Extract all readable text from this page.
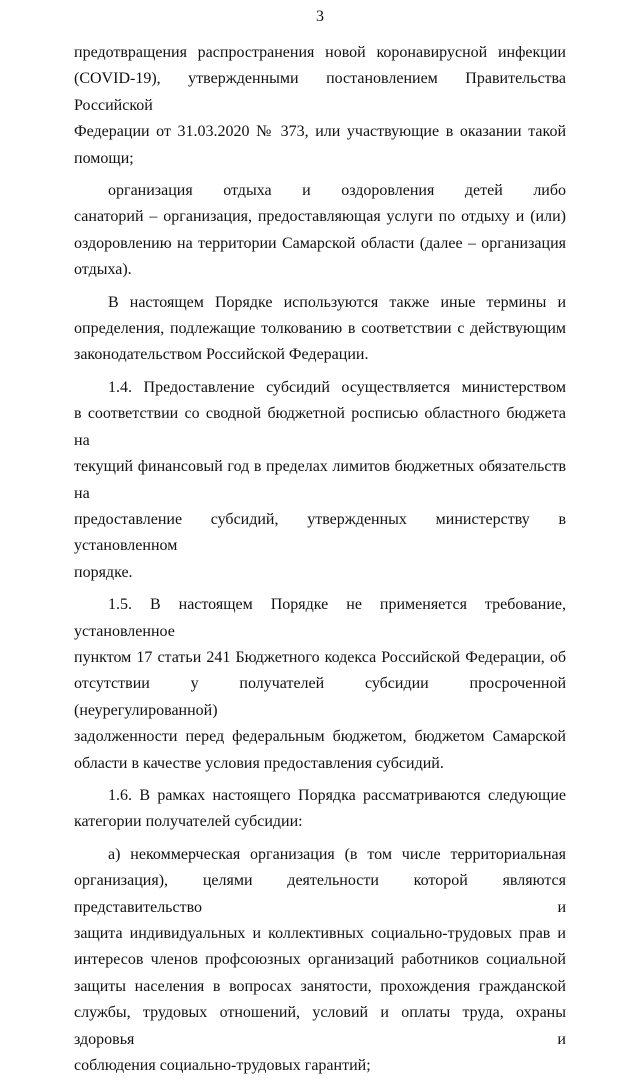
3
предотвращения распространения новой коронавирусной инфекции
(COVID-19), утвержденными постановлением Правительства Российской
Федерации от 31.03.2020 № 373, или участвующие в оказании такой
помощи;
организация отдыха и оздоровления детей либо
санаторий – организация, предоставляющая услуги по отдыху и (или)
оздоровлению на территории Самарской области (далее – организация
отдыха).
В настоящем Порядке используются также иные термины и
определения, подлежащие толкованию в соответствии с действующим
законодательством Российской Федерации.
1.4. Предоставление субсидий осуществляется министерством
в соответствии со сводной бюджетной росписью областного бюджета на
текущий финансовый год в пределах лимитов бюджетных обязательств на
предоставление субсидий, утвержденных министерству в установленном
порядке.
1.5. В настоящем Порядке не применяется требование, установленное
пунктом 17 статьи 241 Бюджетного кодекса Российской Федерации, об
отсутствии у получателей субсидии просроченной (неурегулированной)
задолженности перед федеральным бюджетом, бюджетом Самарской
области в качестве условия предоставления субсидий.
1.6. В рамках настоящего Порядка рассматриваются следующие
категории получателей субсидии:
а) некоммерческая организация (в том числе территориальная
организация), целями деятельности которой являются представительство и
защита индивидуальных и коллективных социально-трудовых прав и
интересов членов профсоюзных организаций работников социальной
защиты населения в вопросах занятости, прохождения гражданской
службы, трудовых отношений, условий и оплаты труда, охраны здоровья и
соблюдения социально-трудовых гарантий;
